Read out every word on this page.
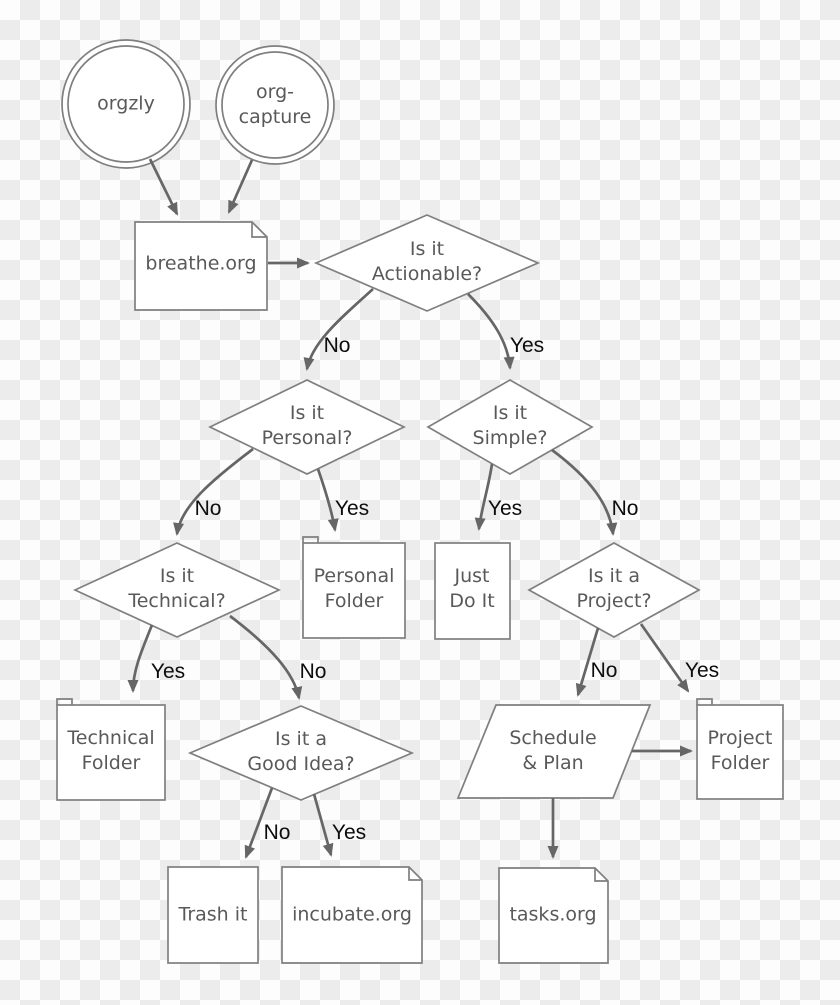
orgzly
org-
capture
breathe.org
Is it
Actionable?
Is it
Personal?
Is it
Simple?
Is it
Technical?
Personal
Folder
Just
Do It
Is it a
Project?
Technical
Folder
Is it a
Good Idea?
Schedule
& Plan
Project
Folder
Trash it incubate.org	tasks.org
No	Yes
No	Yes	Yes	No
Yes	No	No	Yes
No Yes
